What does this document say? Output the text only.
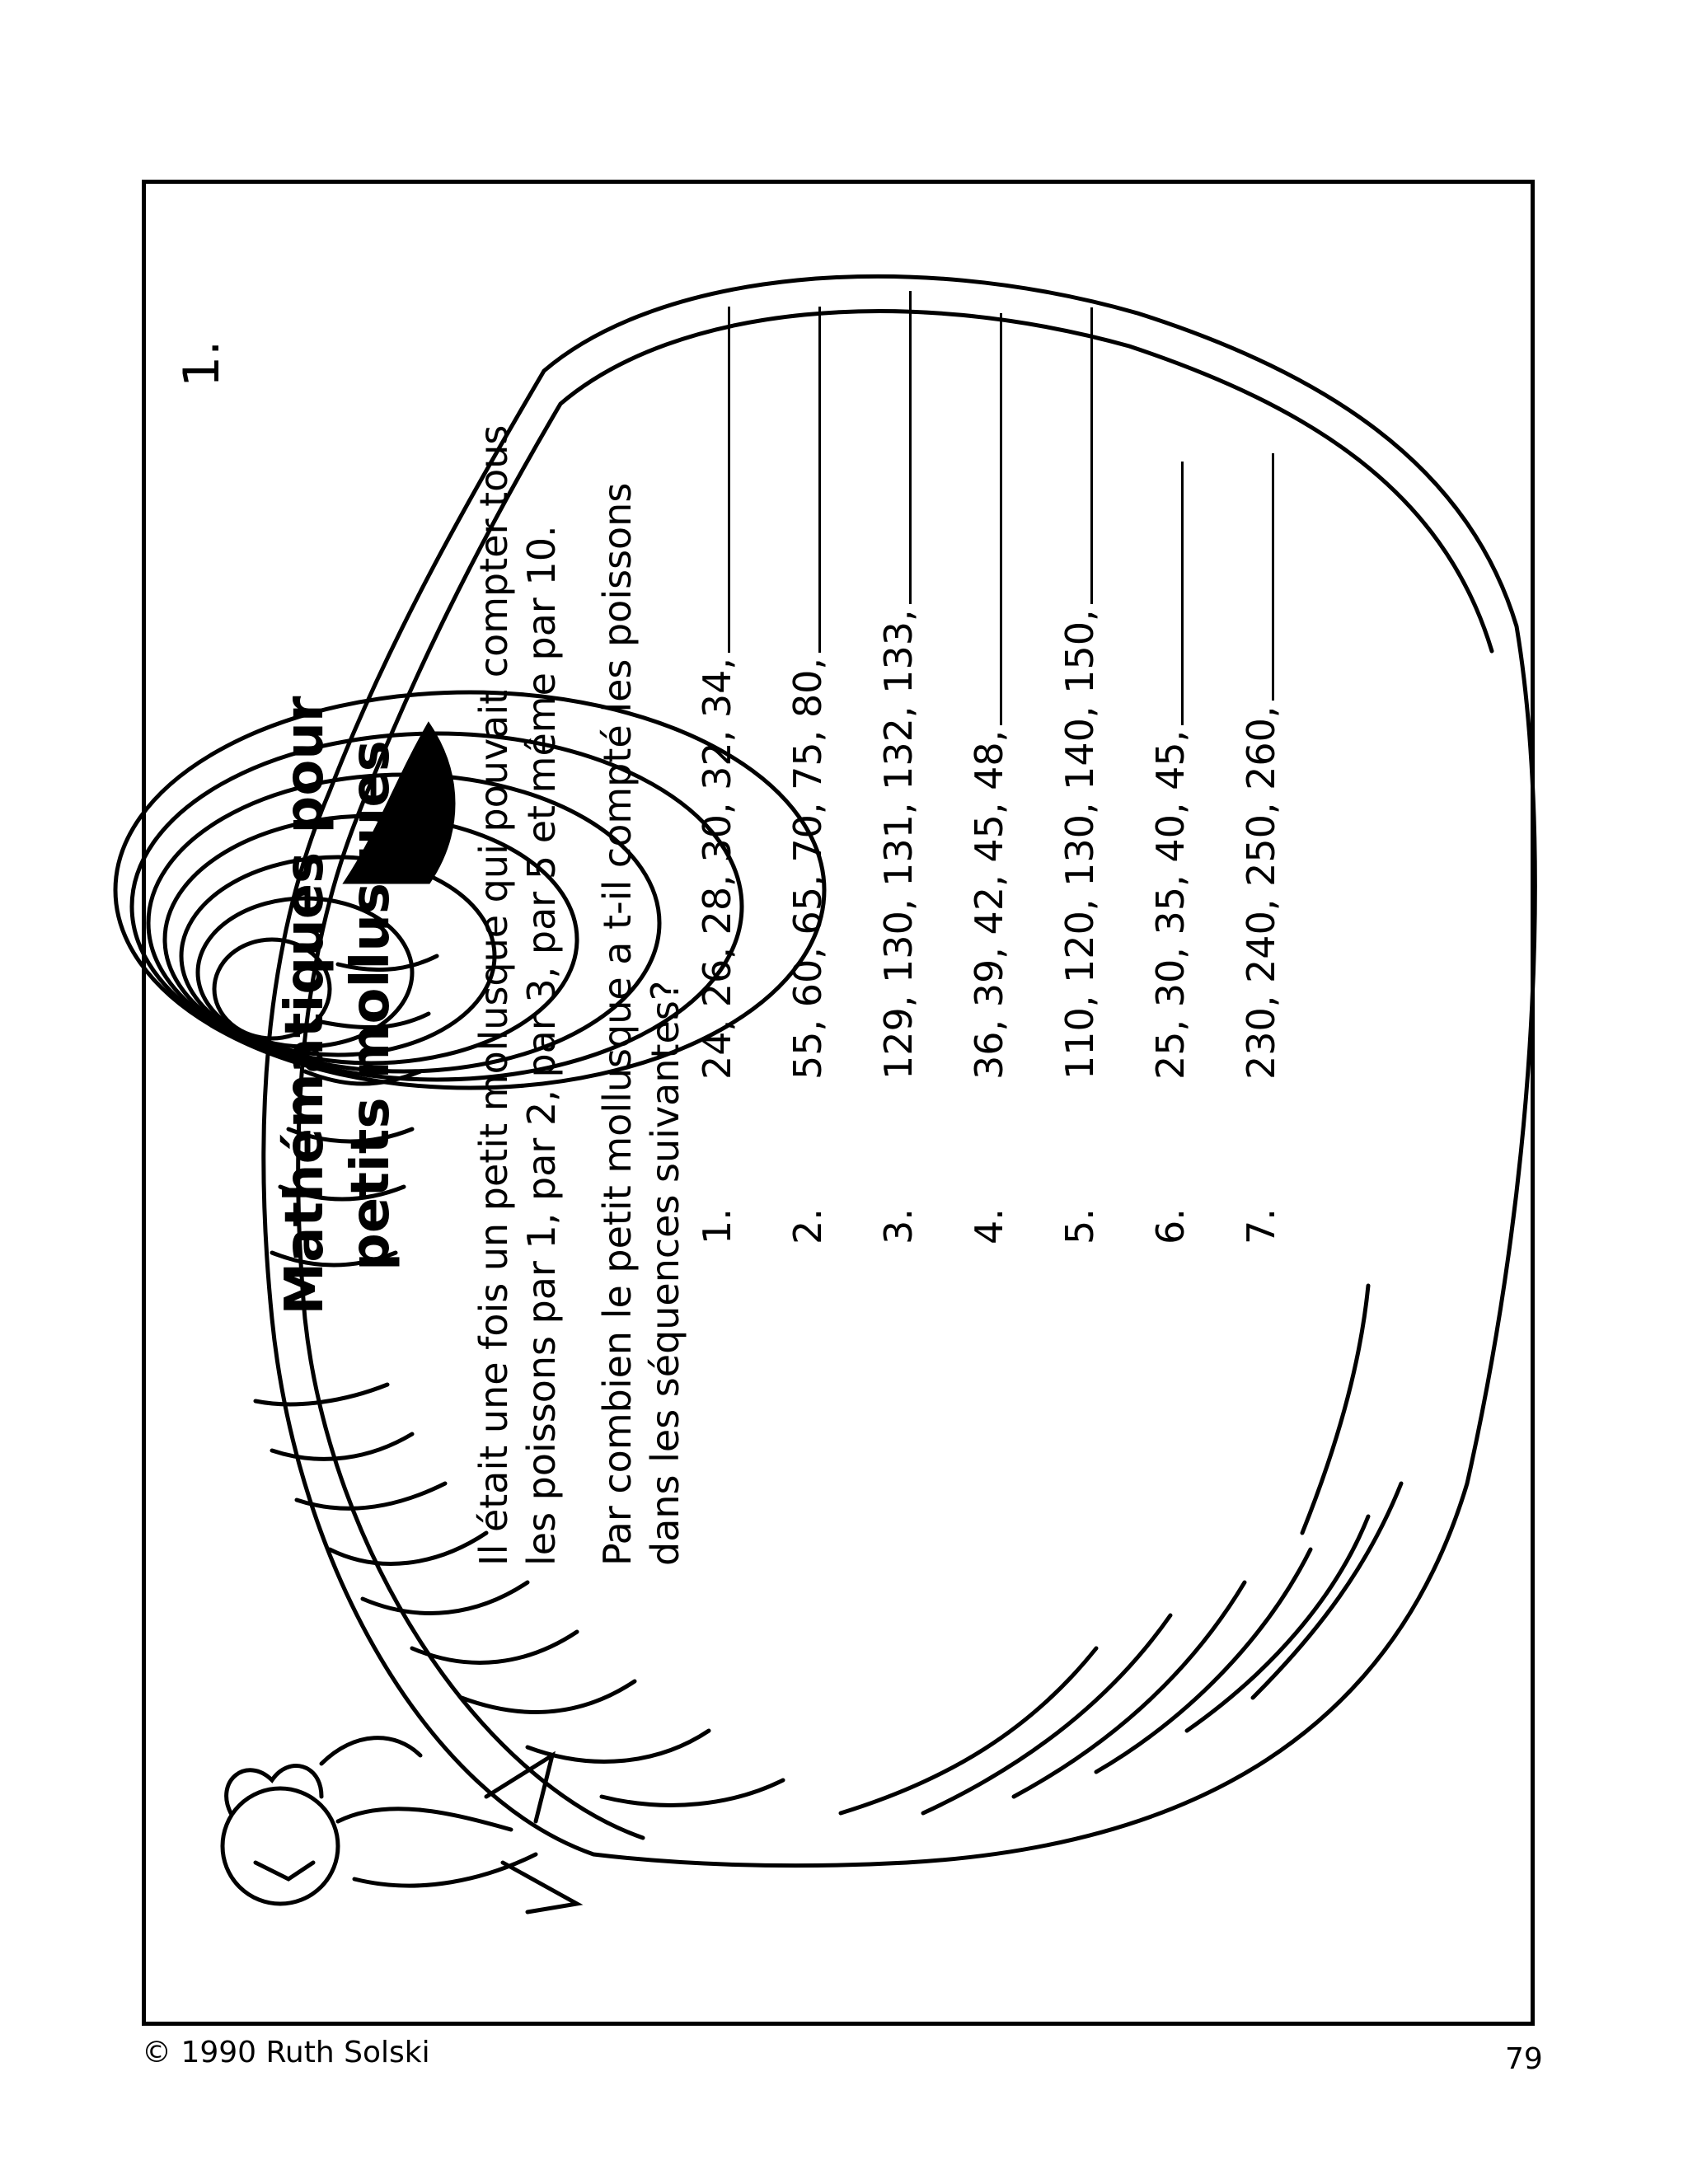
1.
Mathématiques pour petits mollusques Il était une fois un petit mollusque qui pouvait compter tous les poissons par 1, par 2, par 3, par 5 et même par 10. Par combien le petit mollusque a t-il compté les poissons dans les séquences suivantes? 1.
24, 26, 28, 30, 32, 34,
2.
55, 60, 65, 70, 75, 80,
3.
129, 130, 131, 132, 133,
4.
36, 39, 42, 45, 48,
5.
110, 120, 130, 140, 150,
6.
25, 30, 35, 40, 45,
7.
230, 240, 250, 260,
© 1990 Ruth Solski	79
